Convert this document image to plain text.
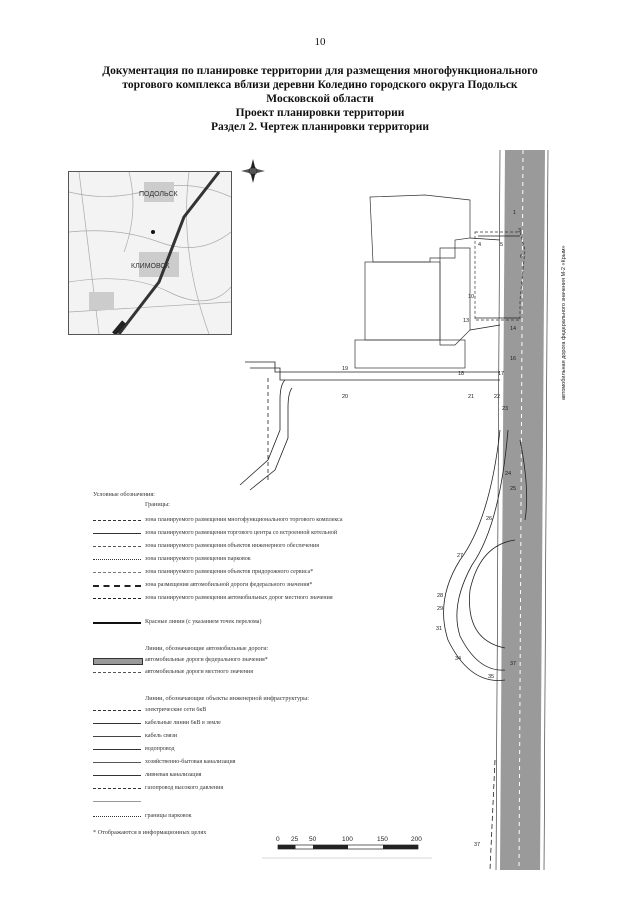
10
Документация по планировке территории для размещения многофункционального
торгового комплекса вблизи деревни Коледино городского округа Подольск
Московской области
Проект планировки территории
Раздел 2. Чертеж планировки территории
ПОДОЛЬСК
КЛИМОВСК	автомобильная дорога федерального значения М-2 «Крым»
1
3
4	5
6
10
13
14
16
17
18
19
20	21	22
23
24
25
26
27
28
29
31
34
35
37
37
0 25 50	100	150	200
Условные обозначения:
Границы:
зона планируемого размещения многофункционального торгового комплекса
зона планируемого размещения торгового центра со встроенной котельной
зона планируемого размещения объектов инженерного обеспечения
зона планируемого размещения парковок
зона планируемого размещения объектов придорожного сервиса*
зона размещения автомобильной дороги федерального значения*
зона планируемого размещения автомобильных дорог местного значения
Красные линии (с указанием точек перелома)
Линии, обозначающие автомобильные дороги:
автомобильные дороги федерального значения*
автомобильные дороги местного значения
Линии, обозначающие объекты инженерной инфраструктуры:
электрические сети 6кВ
кабельные линии 6кВ в земле
кабель связи
водопровод
хозяйственно-бытовая канализация
ливневая канализация
газопровод высокого давления
границы парковок
* Отображаются в информационных целях
